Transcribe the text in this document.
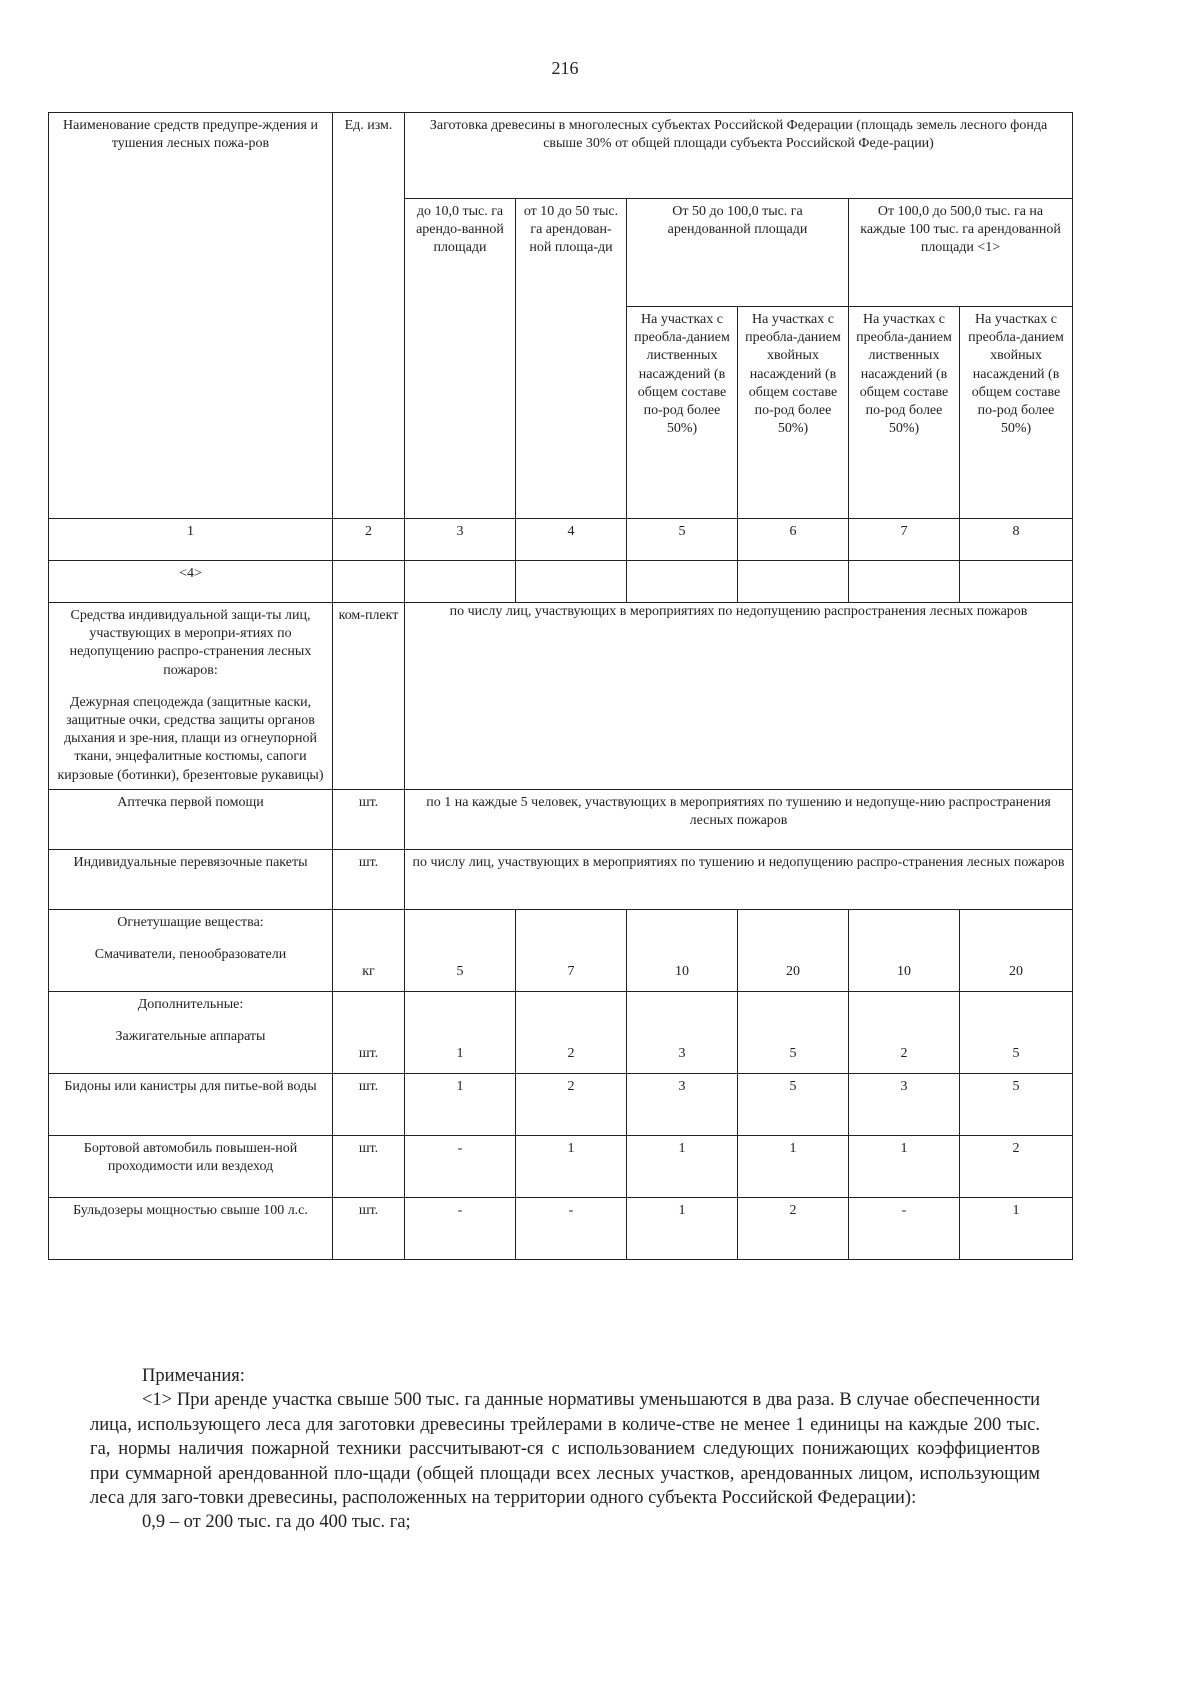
216
Наименование средств предупре-ждения и тушения лесных пожа-ров	Ед. изм.	Заготовка древесины в многолесных субъектах Российской Федерации (площадь земель лесного фонда свыше 30% от общей площади субъекта Российской Феде-рации)					
		до 10,0 тыс. га арендо-ванной площади	от 10 до 50 тыс. га арендован-ной площа-ди	От 50 до 100,0 тыс. га арендованной площади		От 100,0 до 500,0 тыс. га на каждые 100 тыс. га арендованной площади <1>	
				На участках с преобла-данием лиственных насаждений (в общем составе по-род более 50%)	На участках с преобла-данием хвойных насаждений (в общем составе по-род более 50%)	На участках с преобла-данием лиственных насаждений (в общем составе по-род более 50%)	На участках с преобла-данием хвойных насаждений (в общем составе по-род более 50%)
1	2	3	4	5	6	7	8
<4>							

Средства индивидуальной защи-ты лиц, участвующих в меропри-ятиях по недопущению распро-странения лесных пожаров:
Дежурная спецодежда (защитные каски, защитные очки, средства защиты органов дыхания и зре-ния, плащи из огнеупорной ткани, энцефалитные костюмы, сапоги кирзовые (ботинки), брезентовые рукавицы)	ком-плект	по числу лиц, участвующих в мероприятиях по недопущению распространения лесных пожаров					
Аптечка первой помощи	шт.	по 1 на каждые 5 человек, участвующих в мероприятиях по тушению и недопуще-нию распространения лесных пожаров					
Индивидуальные перевязочные пакеты	шт.	по числу лиц, участвующих в мероприятиях по тушению и недопущению распро-странения лесных пожаров					

Огнетушащие вещества:
Смачиватели, пенообразователи	кг	5	7	10	20	10	20

Дополнительные:
Зажигательные аппараты	шт.	1	2	3	5	2	5
Бидоны или канистры для питье-вой воды	шт.	1	2	3	5	3	5
Бортовой автомобиль повышен-ной проходимости или вездеход	шт.	-	1	1	1	1	2
Бульдозеры мощностью свыше 100 л.с.	шт.	-	-	1	2	-	1

Примечания:

<1> При аренде участка свыше 500 тыс. га данные нормативы уменьшаются в два раза. В случае обеспеченности лица, использующего леса для заготовки древесины трейлерами в количе-стве не менее 1 единицы на каждые 200 тыс. га, нормы наличия пожарной техники рассчитывают-ся с использованием следующих понижающих коэффициентов при суммарной арендованной пло-щади (общей площади всех лесных участков, арендованных лицом, использующим леса для заго-товки древесины, расположенных на территории одного субъекта Российской Федерации):

0,9 – от 200 тыс. га до 400 тыс. га;
